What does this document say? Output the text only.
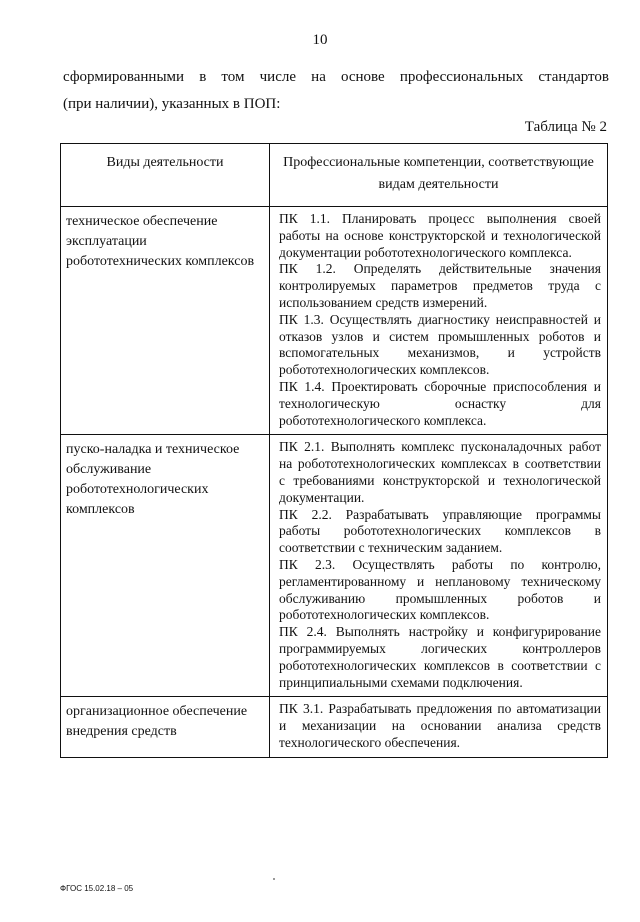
10
сформированными в том числе на основе профессиональных стандартов
(при наличии), указанных в ПОП:
Таблица № 2
Виды деятельности	Профессиональные компетенции, соответствующие видам деятельности
техническое обеспечение эксплуатации робототехнических комплексов	ПК 1.1. Планировать процесс выполнения своей работы на основе конструкторской и технологической документации робототехнологического комплекса.
ПК 1.2. Определять действительные значения контролируемых параметров предметов труда с использованием средств измерений.
ПК 1.3. Осуществлять диагностику неисправностей и отказов узлов и систем промышленных роботов и вспомогательных механизмов, и устройств робототехнологических комплексов.
ПК 1.4. Проектировать сборочные приспособления и технологическую оснастку для робототехнологического комплекса.

пуско-наладка и техническое обслуживание робототехнологических комплексов	ПК 2.1. Выполнять комплекс пусконаладочных работ на робототехнологических комплексах в соответствии с требованиями конструкторской и технологической документации.
ПК 2.2. Разрабатывать управляющие программы работы робототехнологических комплексов в соответствии с техническим заданием.
ПК 2.3. Осуществлять работы по контролю, регламентированному и неплановому техническому обслуживанию промышленных роботов и робототехнологических комплексов.
ПК 2.4. Выполнять настройку и конфигурирование программируемых логических контроллеров робототехнологических комплексов в соответствии с принципиальными схемами подключения.

организационное обеспечение внедрения средств	ПК 3.1. Разрабатывать предложения по автоматизации и механизации на основании анализа средств технологического обеспечения.
ФГОС 15.02.18 – 05
